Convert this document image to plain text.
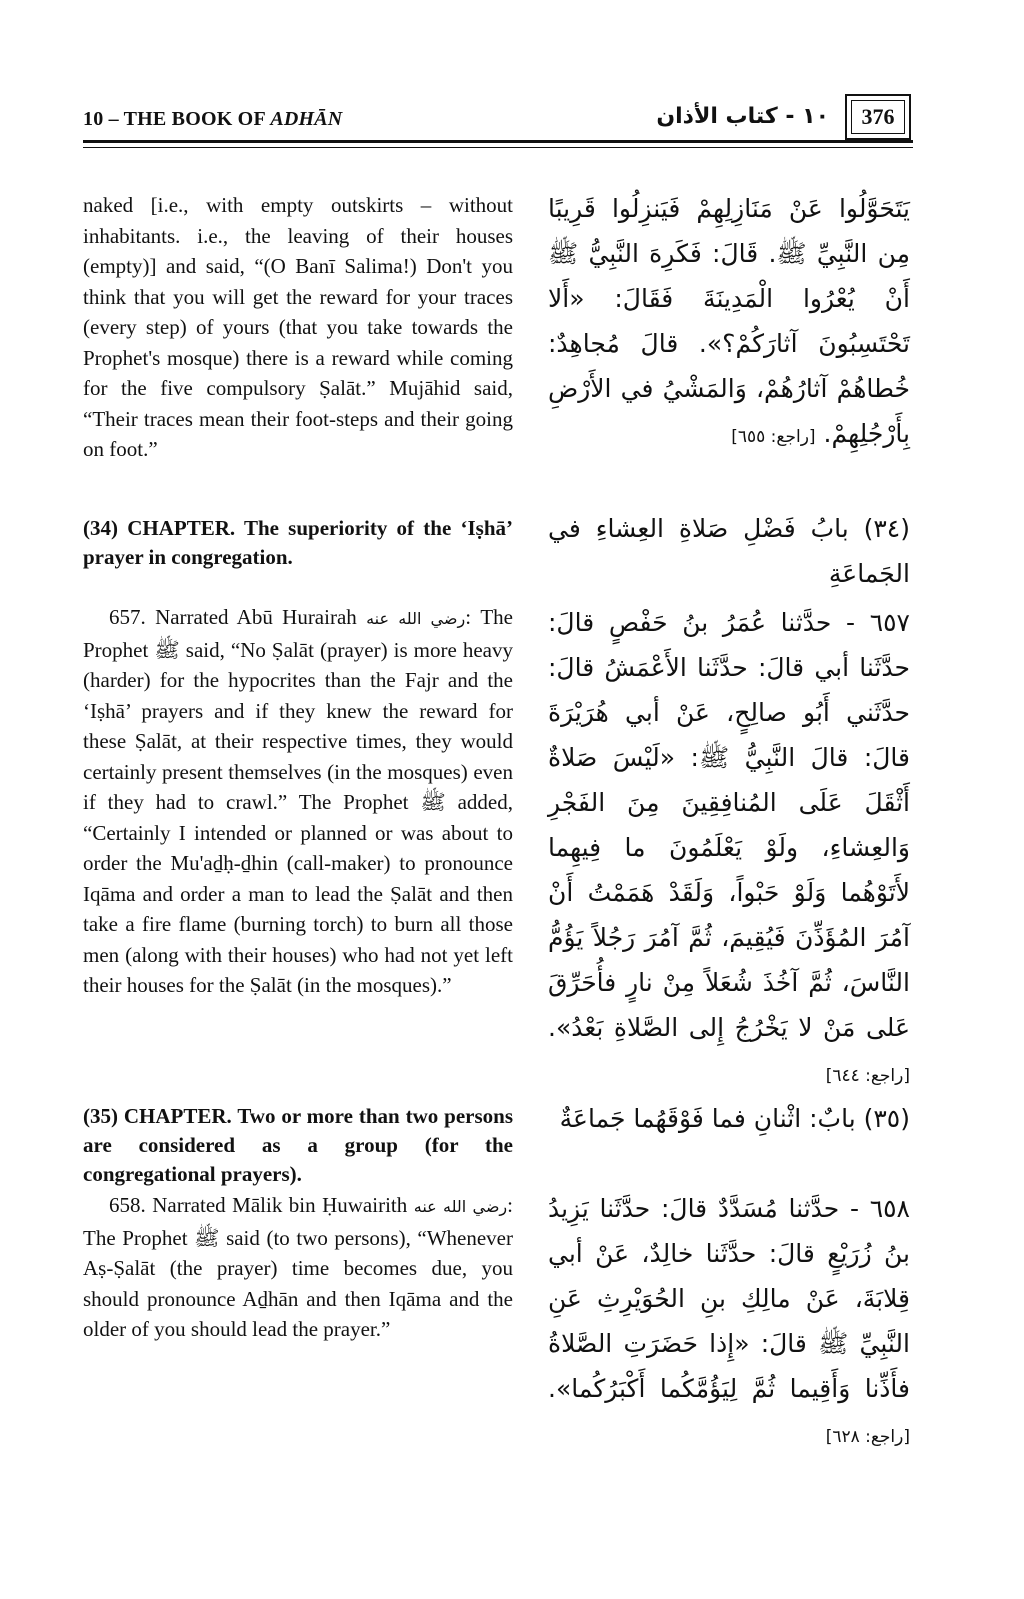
10 – THE BOOK OF ADHĀN	١٠ - كتاب الأذان	376

naked [i.e., with empty outskirts – without inhabitants. i.e., the leaving of their houses (empty)] and said, “(O Banī Salima!) Don't you think that you will get the reward for your traces (every step) of yours (that you take towards the Prophet's mosque) there is a reward while coming for the five compulsory Ṣalāt.” Mujāhid said, “Their traces mean their foot-steps and their going on foot.”

(34) CHAPTER. The superiority of the ‘Iṣhā’ prayer in congregation.

657. Narrated Abū Hurairah رضي الله عنه: The Prophet ﷺ said, “No Ṣalāt (prayer) is more heavy (harder) for the hypocrites than the Fajr and the ‘Iṣhā’ prayers and if they knew the reward for these Ṣalāt, at their respective times, they would certainly present themselves (in the mosques) even if they had to crawl.” The Prophet ﷺ added, “Certainly I intended or planned or was about to order the Mu'aḏḥ-ḏhin (call-maker) to pronounce Iqāma and order a man to lead the Ṣalāt and then take a fire flame (burning torch) to burn all those men (along with their houses) who had not yet left their houses for the Ṣalāt (in the mosques).”

(35) CHAPTER. Two or more than two persons are considered as a group (for the congregational prayers).

658. Narrated Mālik bin Ḥuwairith رضي الله عنه: The Prophet ﷺ said (to two persons), “Whenever Aṣ-Ṣalāt (the prayer) time becomes due, you should pronounce Aḏhān and then Iqāma and the older of you should lead the prayer.”

يَتَحَوَّلُوا عَنْ مَنَازِلِهِمْ فَيَنزِلُوا قَرِيبًا مِن النَّبِيِّ ﷺ. قَالَ: فَكَرِهَ النَّبِيُّ ﷺ أَنْ يُعْرُوا الْمَدِينَةَ فَقَالَ: «أَلا تَحْتَسِبُونَ آثارَكُمْ؟». قالَ مُجاهِدٌ: خُطاهُمْ آثارُهُمْ، وَالمَشْيُ في الأَرْضِ بِأَرْجُلِهِمْ. [راجع: ٦٥٥]
(٣٤) بابُ فَضْلِ صَلاةِ العِشاءِ في الجَماعَةِ
٦٥٧ - حدَّثنا عُمَرُ بنُ حَفْصٍ قالَ: حدَّثَنا أبي قالَ: حدَّثَنا الأَعْمَشُ قالَ: حدَّثَني أَبُو صالِحٍ، عَنْ أبي هُرَيْرَةَ قالَ: قالَ النَّبِيُّ ﷺ: «لَيْسَ صَلاةٌ أَثْقَلَ عَلَى المُنافِقِينَ مِنَ الفَجْرِ وَالعِشاءِ، ولَوْ يَعْلَمُونَ ما فِيهِما لأَتَوْهُما وَلَوْ حَبْواً، وَلَقَدْ هَمَمْتُ أَنْ آمُرَ المُؤَذِّنَ فَيُقِيمَ، ثُمَّ آمُرَ رَجُلاً يَؤُمُّ النَّاسَ، ثُمَّ آخُذَ شُعَلاً مِنْ نارٍ فأُحَرِّقَ عَلى مَنْ لا يَخْرُجُ إِلى الصَّلاةِ بَعْدُ». [راجع: ٦٤٤]
(٣٥) بابٌ: اثْنانِ فما فَوْقَهُما جَماعَةٌ
٦٥٨ - حدَّثنا مُسَدَّدٌ قالَ: حدَّثَنا يَزِيدُ بنُ زُرَيْعٍ قالَ: حدَّثَنا خالِدٌ، عَنْ أبي قِلابَةَ، عَنْ مالِكِ بنِ الحُوَيْرِثِ عَنِ النَّبِيِّ ﷺ قالَ: «إِذا حَضَرَتِ الصَّلاةُ فأَذِّنا وَأَقِيما ثُمَّ لِيَؤُمَّكُما أَكْبَرُكُما». [راجع: ٦٢٨]
